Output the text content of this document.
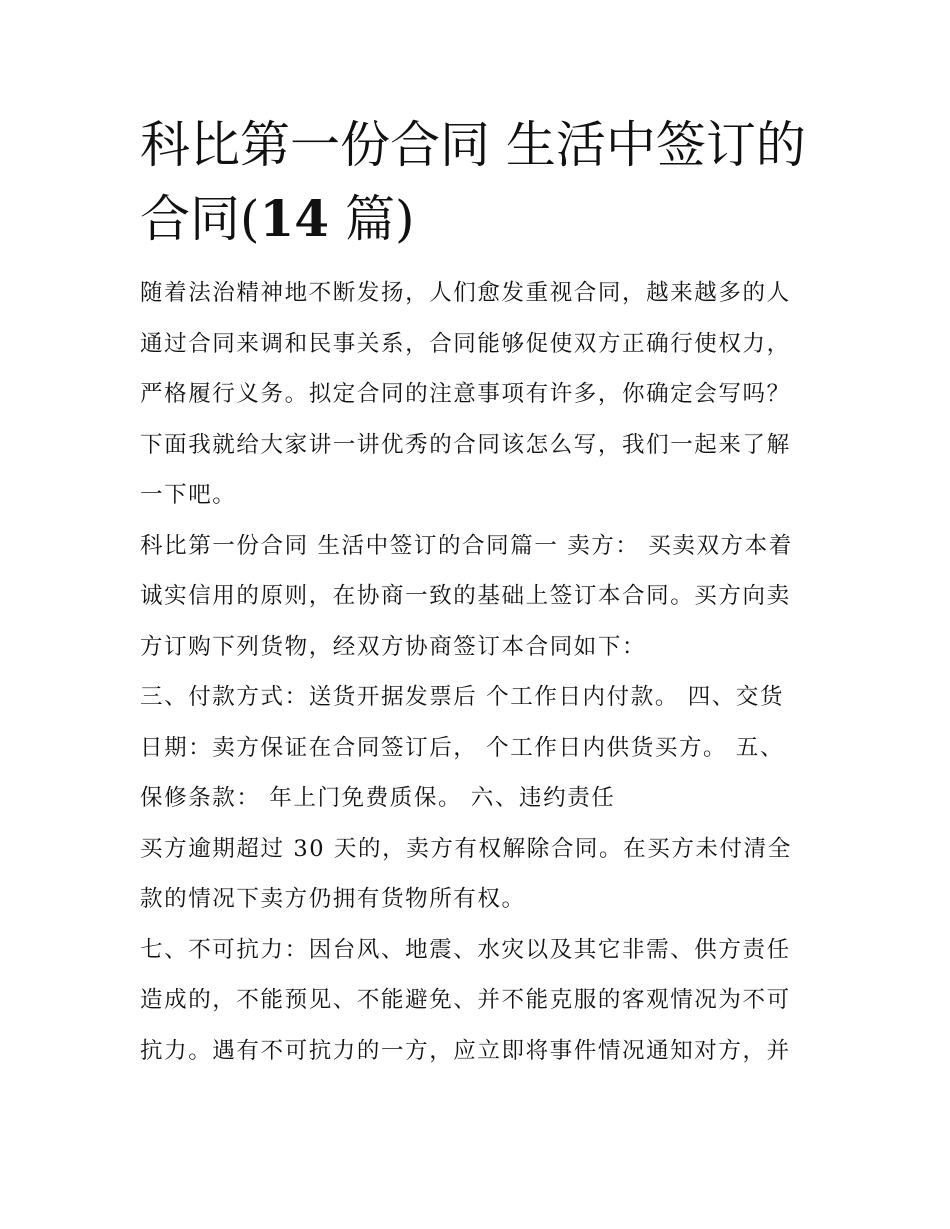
科比第一份合同 生活中签订的
合同(14 篇)

随着法治精神地不断发扬，人们愈发重视合同，越来越多的人
通过合同来调和民事关系，合同能够促使双方正确行使权力，
严格履行义务。拟定合同的注意事项有许多，你确定会写吗？
下面我就给大家讲一讲优秀的合同该怎么写，我们一起来了解
一下吧。

科比第一份合同 生活中签订的合同篇一 卖方： 买卖双方本着
诚实信用的原则，在协商一致的基础上签订本合同。买方向卖
方订购下列货物，经双方协商签订本合同如下：

三、付款方式：送货开据发票后 个工作日内付款。 四、交货
日期：卖方保证在合同签订后， 个工作日内供货买方。 五、
保修条款： 年上门免费质保。 六、违约责任

买方逾期超过 30 天的，卖方有权解除合同。在买方未付清全
款的情况下卖方仍拥有货物所有权。

七、不可抗力：因台风、地震、水灾以及其它非需、供方责任
造成的，不能预见、不能避免、并不能克服的客观情况为不可
抗力。遇有不可抗力的一方，应立即将事件情况通知对方，并
